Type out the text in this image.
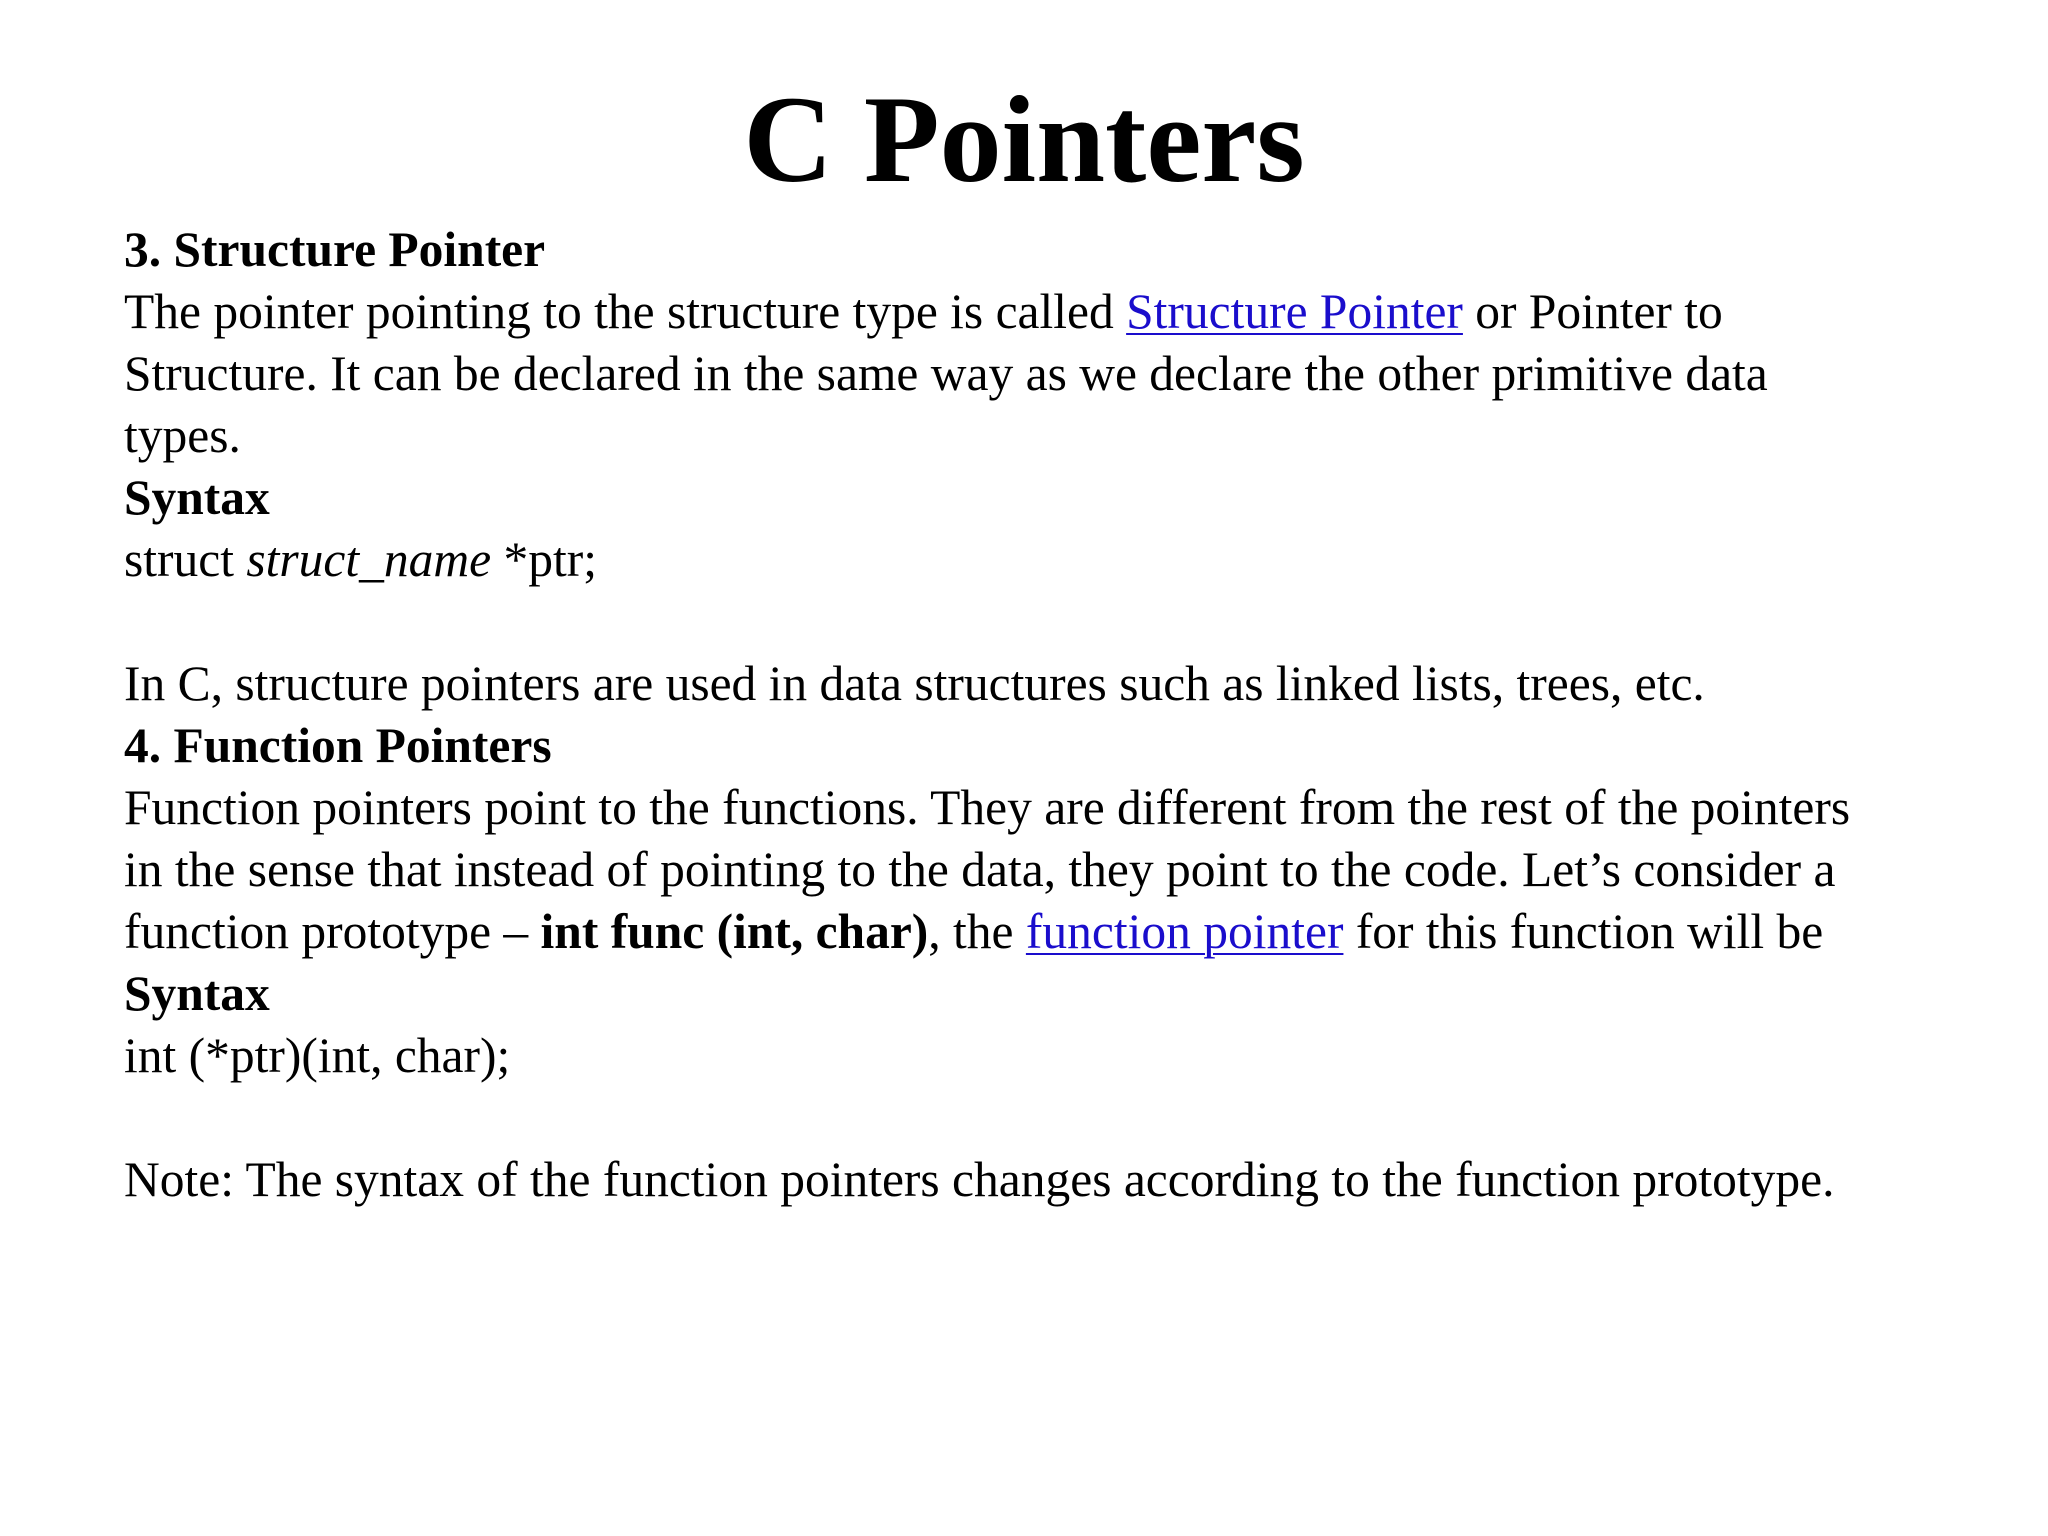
C Pointers
3. Structure Pointer
The pointer pointing to the structure type is called Structure Pointer or Pointer to
Structure. It can be declared in the same way as we declare the other primitive data
types.
Syntax
struct struct_name *ptr;
In C, structure pointers are used in data structures such as linked lists, trees, etc.
4. Function Pointers
Function pointers point to the functions. They are different from the rest of the pointers
in the sense that instead of pointing to the data, they point to the code. Let’s consider a
function prototype – int func (int, char), the function pointer for this function will be
Syntax
int (*ptr)(int, char);
Note: The syntax of the function pointers changes according to the function prototype.
